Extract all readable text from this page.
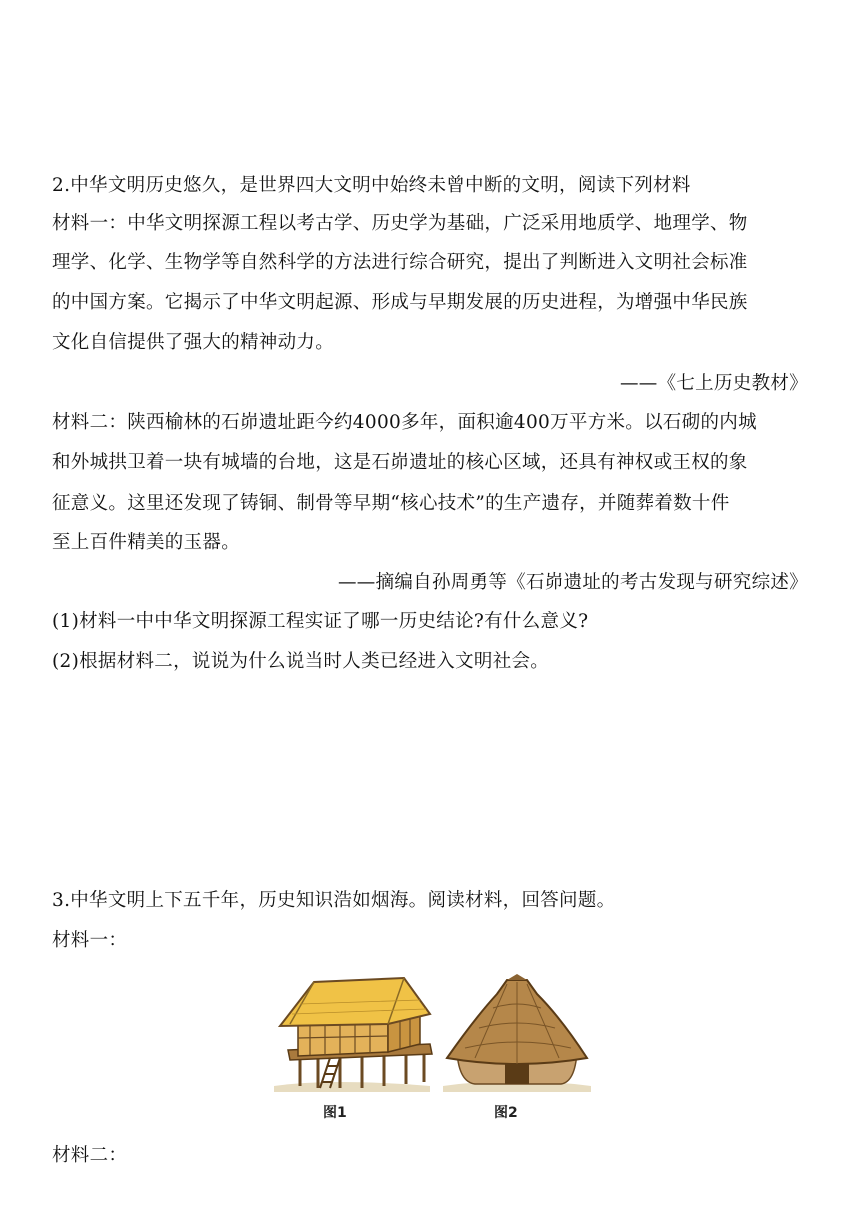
2.中华文明历史悠久，是世界四大文明中始终未曾中断的文明，阅读下列材料
材料一：中华文明探源工程以考古学、历史学为基础，广泛采用地质学、地理学、物
理学、化学、生物学等自然科学的方法进行综合研究，提出了判断进入文明社会标准
的中国方案。它揭示了中华文明起源、形成与早期发展的历史进程，为增强中华民族
文化自信提供了强大的精神动力。
——《七上历史教材》
材料二：陕西榆林的石峁遗址距今约4000多年，面积逾400万平方米。以石砌的内城
和外城拱卫着一块有城墙的台地，这是石峁遗址的核心区域，还具有神权或王权的象
征意义。这里还发现了铸铜、制骨等早期“核心技术”的生产遗存，并随葬着数十件
至上百件精美的玉器。
——摘编自孙周勇等《石峁遗址的考古发现与研究综述》
(1)材料一中中华文明探源工程实证了哪一历史结论?有什么意义?
(2)根据材料二，说说为什么说当时人类已经进入文明社会。
3.中华文明上下五千年，历史知识浩如烟海。阅读材料，回答问题。
材料一：
图1	图2
材料二：
